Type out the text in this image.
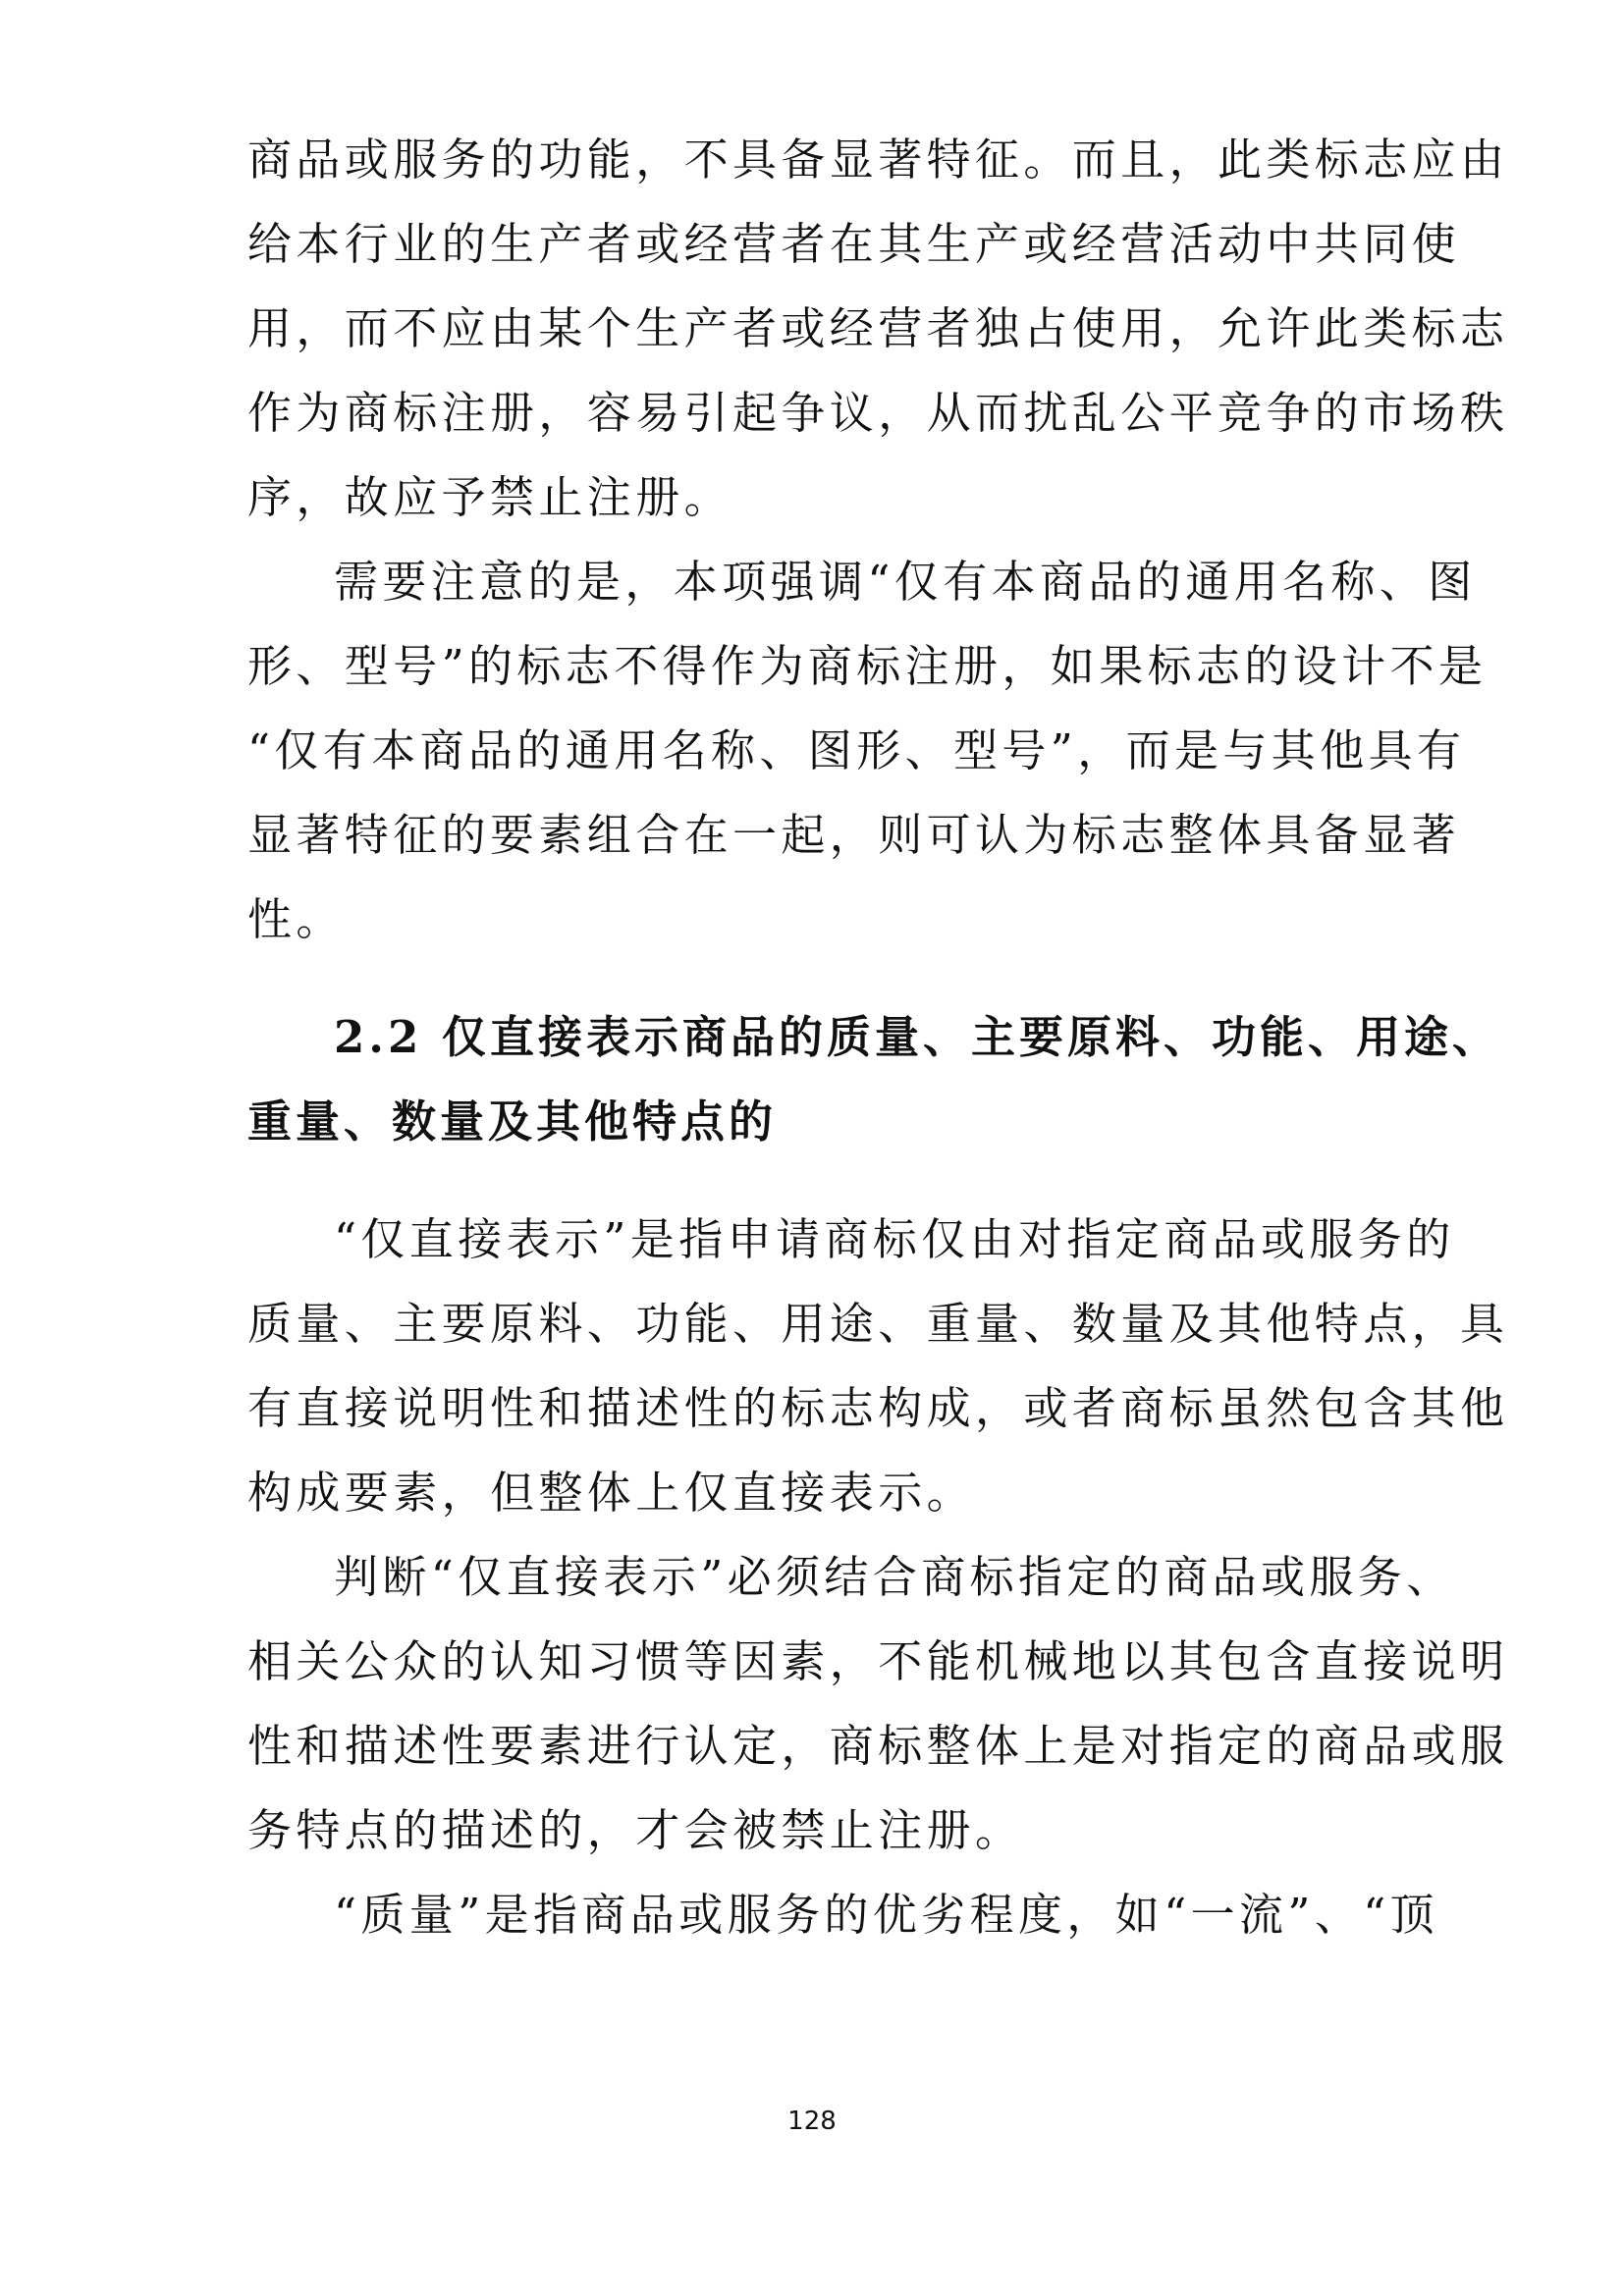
商品或服务的功能，不具备显著特征。而且，此类标志应由
给本行业的生产者或经营者在其生产或经营活动中共同使
用，而不应由某个生产者或经营者独占使用，允许此类标志
作为商标注册，容易引起争议，从而扰乱公平竞争的市场秩
序，故应予禁止注册。
需要注意的是，本项强调“仅有本商品的通用名称、图
形、型号”的标志不得作为商标注册，如果标志的设计不是
“仅有本商品的通用名称、图形、型号”，而是与其他具有
显著特征的要素组合在一起，则可认为标志整体具备显著
性。
2.2 仅直接表示商品的质量、主要原料、功能、用途、
重量、数量及其他特点的
“仅直接表示”是指申请商标仅由对指定商品或服务的
质量、主要原料、功能、用途、重量、数量及其他特点，具
有直接说明性和描述性的标志构成，或者商标虽然包含其他
构成要素，但整体上仅直接表示。
判断“仅直接表示”必须结合商标指定的商品或服务、
相关公众的认知习惯等因素，不能机械地以其包含直接说明
性和描述性要素进行认定，商标整体上是对指定的商品或服
务特点的描述的，才会被禁止注册。
“质量”是指商品或服务的优劣程度，如“一流”、“顶
128
